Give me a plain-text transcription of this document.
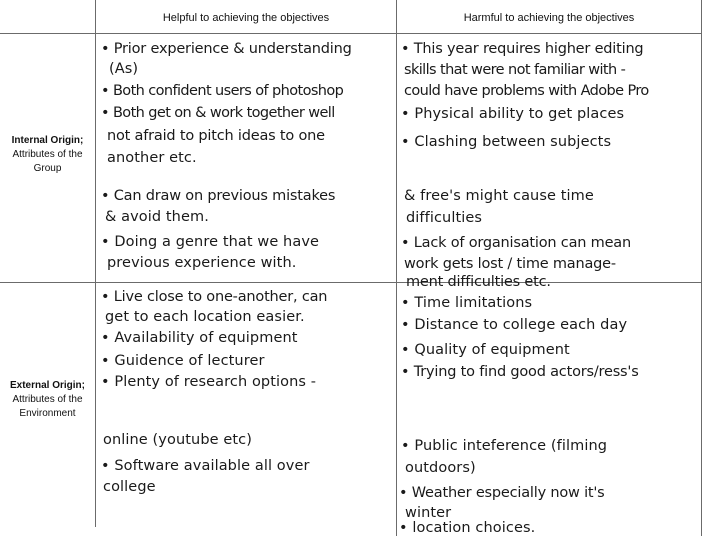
Helpful to achieving the objectives	Harmful to achieving the objectives
Internal Origin;
Attributes of the
Group
External Origin;
Attributes of the
Environment
• Prior experience & understanding
(As)
• Both confident users of photoshop
• Both get on & work together well
not afraid to pitch ideas to one
another etc.
• Can draw on previous mistakes
& avoid them.
• Doing a genre that we have
previous experience with.
• This year requires higher editing
skills that were not familiar with -
could have problems with Adobe Pro
• Physical ability to get places
• Clashing between subjects
& free's might cause time
difficulties
• Lack of organisation can mean
work gets lost / time manage-
ment difficulties etc.
• Live close to one-another, can
get to each location easier.
• Availability of equipment
• Guidence of lecturer
• Plenty of research options -
online (youtube etc)
• Software available all over
college
• Time limitations
• Distance to college each day
• Quality of equipment
• Trying to find good actors/ress's
• Public inteference (filming
outdoors)
• Weather especially now it's
winter
• location choices.
